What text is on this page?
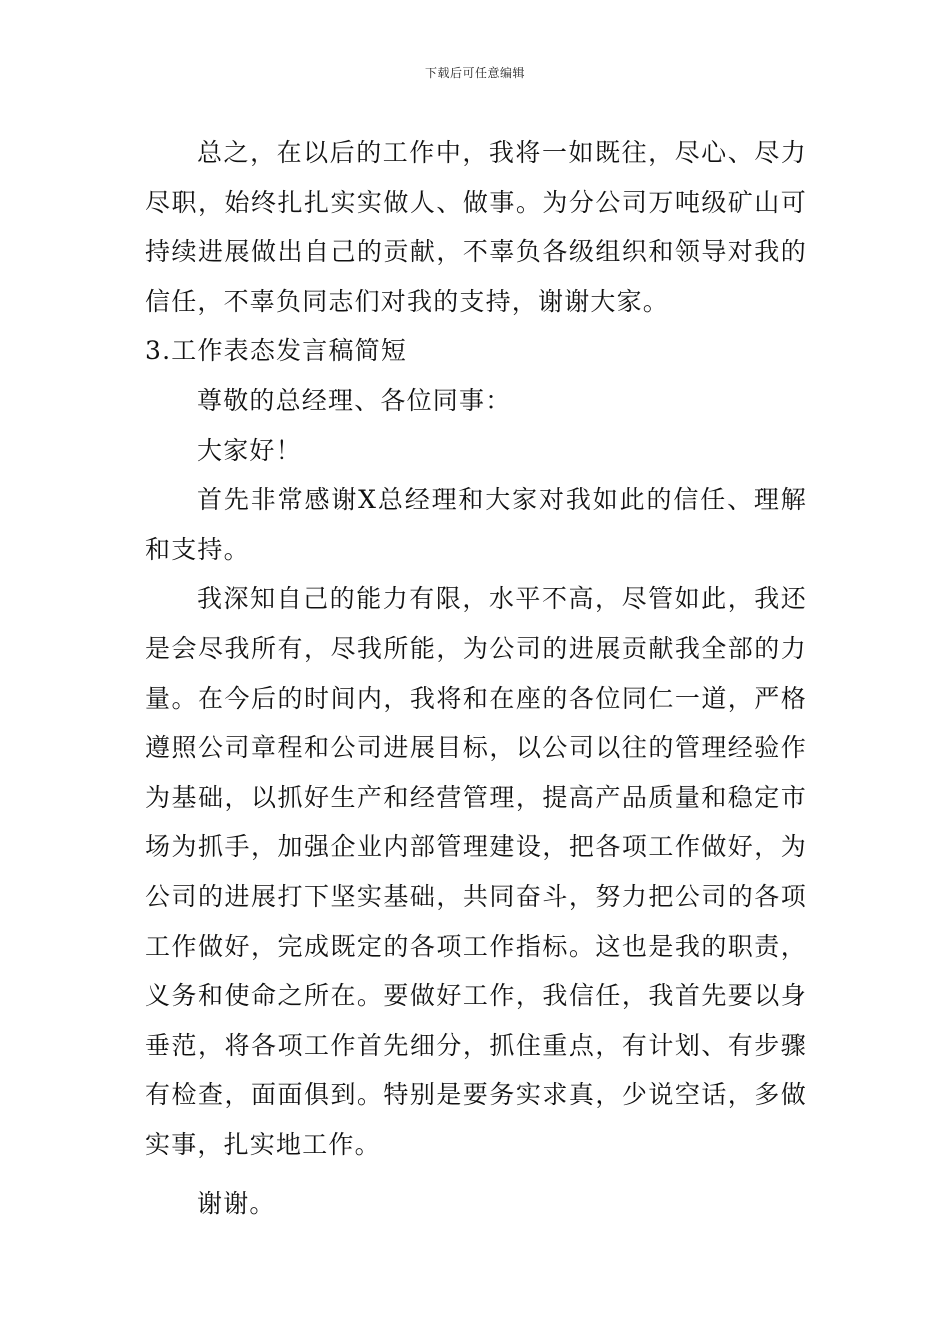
下载后可任意编辑

总之，在以后的工作中，我将一如既往，尽心、尽力尽职，始终扎扎实实做人、做事。为分公司万吨级矿山可持续进展做出自己的贡献，不辜负各级组织和领导对我的信任，不辜负同志们对我的支持，谢谢大家。

3.工作表态发言稿简短

尊敬的总经理、各位同事：

大家好！

首先非常感谢X总经理和大家对我如此的信任、理解和支持。

我深知自己的能力有限，水平不高，尽管如此，我还是会尽我所有，尽我所能，为公司的进展贡献我全部的力量。在今后的时间内，我将和在座的各位同仁一道，严格遵照公司章程和公司进展目标，以公司以往的管理经验作为基础，以抓好生产和经营管理，提高产品质量和稳定市场为抓手，加强企业内部管理建设，把各项工作做好，为公司的进展打下坚实基础，共同奋斗，努力把公司的各项工作做好，完成既定的各项工作指标。这也是我的职责，义务和使命之所在。要做好工作，我信任，我首先要以身垂范，将各项工作首先细分，抓住重点，有计划、有步骤有检查，面面俱到。特别是要务实求真，少说空话，多做实事，扎实地工作。

谢谢。
